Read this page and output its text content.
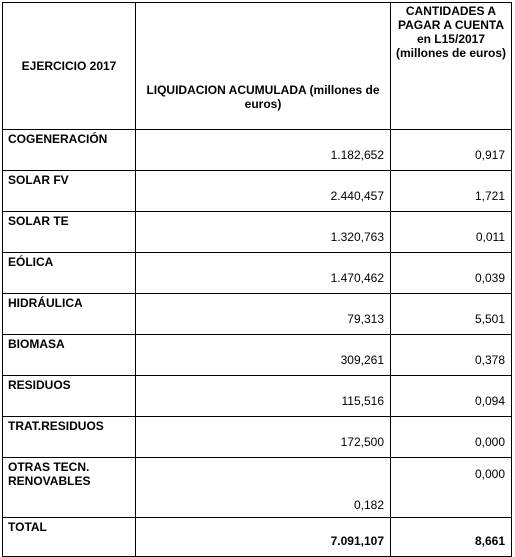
EJERCICIO 2017	LIQUIDACION ACUMULADA (millones de euros)	CANTIDADES A PAGAR A CUENTA en L15/2017 (millones de euros)
COGENERACIÓN	1.182,652	0,917
SOLAR FV	2.440,457	1,721
SOLAR TE	1.320,763	0,011
EÓLICA	1.470,462	0,039
HIDRÁULICA	79,313	5,501
BIOMASA	309,261	0,378
RESIDUOS	115,516	0,094
TRAT.RESIDUOS	172,500	0,000
OTRAS TECN. RENOVABLES	0,182	0,000
TOTAL	7.091,107	8,661
